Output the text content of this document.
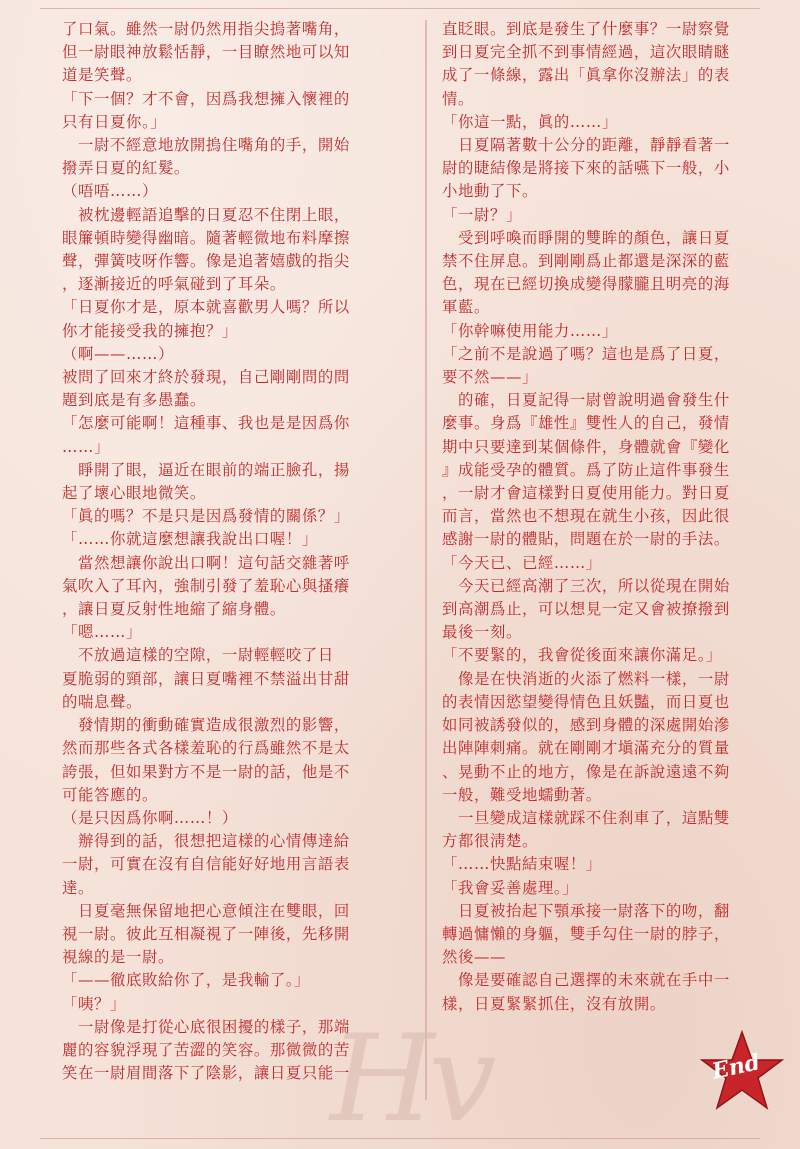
了口氣。雖然一尉仍然用指尖摀著嘴角，

但一尉眼神放鬆恬靜，一目瞭然地可以知

道是笑聲。

「下一個？才不會，因爲我想擁入懷裡的

只有日夏你。」

　一尉不經意地放開摀住嘴角的手，開始

撥弄日夏的紅髮。

（唔唔……）

　被枕邊輕語追擊的日夏忍不住閉上眼，

眼簾頓時變得幽暗。隨著輕微地布料摩擦

聲，彈簧吱呀作響。像是追著嬉戲的指尖

，逐漸接近的呼氣碰到了耳朵。

「日夏你才是，原本就喜歡男人嗎？所以

你才能接受我的擁抱？」

（啊——……）

被問了回來才終於發現，自己剛剛問的問

題到底是有多愚蠢。

「怎麼可能啊！這種事、我也是是因爲你

……」

　睜開了眼，逼近在眼前的端正臉孔，揚

起了壞心眼地微笑。

「眞的嗎？不是只是因爲發情的關係？」

「……你就這麼想讓我說出口喔！」

　當然想讓你說出口啊！這句話交雜著呼

氣吹入了耳內，強制引發了羞恥心與搔癢

，讓日夏反射性地縮了縮身體。

「嗯……」

　不放過這樣的空隙，一尉輕輕咬了日

夏脆弱的頸部，讓日夏嘴裡不禁溢出甘甜

的喘息聲。

　發情期的衝動確實造成很激烈的影響，

然而那些各式各樣羞恥的行爲雖然不是太

誇張，但如果對方不是一尉的話，他是不

可能答應的。

（是只因爲你啊……！）

　辦得到的話，很想把這樣的心情傳達給

一尉，可實在沒有自信能好好地用言語表

達。

　日夏毫無保留地把心意傾注在雙眼，回

視一尉。彼此互相凝視了一陣後，先移開

視線的是一尉。

「——徹底敗給你了，是我輸了。」

「咦？」

　一尉像是打從心底很困擾的樣子，那端

麗的容貌浮現了苦澀的笑容。那微微的苦

笑在一尉眉間落下了陰影，讓日夏只能一

直眨眼。到底是發生了什麼事？一尉察覺

到日夏完全抓不到事情經過，這次眼睛瞇

成了一條線，露出「眞拿你沒辦法」的表

情。

「你這一點，眞的……」

　日夏隔著數十公分的距離，靜靜看著一

尉的睫結像是將接下來的話嚥下一般，小

小地動了下。

「一尉？」

　受到呼喚而睜開的雙眸的顏色，讓日夏

禁不住屏息。到剛剛爲止都還是深深的藍

色，現在已經切換成變得朦朧且明亮的海

軍藍。

「你幹嘛使用能力……」

「之前不是說過了嗎？這也是爲了日夏，

要不然——」

　的確，日夏記得一尉曾說明過會發生什

麼事。身爲『雄性』雙性人的自己，發情

期中只要達到某個條件，身體就會『變化

』成能受孕的體質。爲了防止這件事發生

，一尉才會這樣對日夏使用能力。對日夏

而言，當然也不想現在就生小孩，因此很

感謝一尉的體貼，問題在於一尉的手法。

「今天已、已經……」

　今天已經高潮了三次，所以從現在開始

到高潮爲止，可以想見一定又會被撩撥到

最後一刻。

「不要緊的，我會從後面來讓你滿足。」

　像是在快消逝的火添了燃料一樣，一尉

的表情因慾望變得情色且妖豔，而日夏也

如同被誘發似的，感到身體的深處開始滲

出陣陣刺痛。就在剛剛才塡滿充分的質量

、晃動不止的地方，像是在訴說遠遠不夠

一般，難受地蠕動著。

　一旦變成這樣就踩不住刹車了，這點雙

方都很淸楚。

「……快點結束喔！」

「我會妥善處理。」

　日夏被抬起下顎承接一尉落下的吻，翻

轉過慵懶的身軀，雙手勾住一尉的脖子，

然後——

　像是要確認自己選擇的未來就在手中一

樣，日夏緊緊抓住，沒有放開。

Hv	End
